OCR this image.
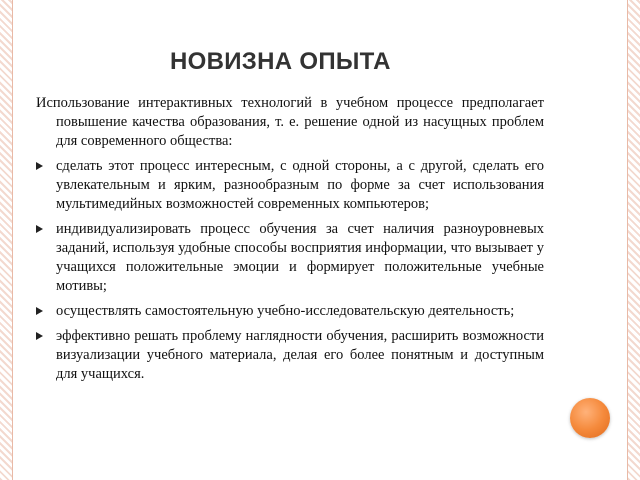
НОВИЗНА ОПЫТА

Использование интерактивных технологий в учебном процессе предполагает повышение качества образования, т. е. решение одной из насущных проблем для современного общества:

сделать этот процесс интересным, с одной стороны, а с другой, сделать его увлекательным и ярким, разнообразным по форме за счет использования мультимедийных возможностей современных компьютеров;
индивидуализировать процесс обучения за счет наличия разноуровневых заданий, используя удобные способы восприятия информации, что вызывает у учащихся положительные эмоции и формирует положительные учебные мотивы;
осуществлять самостоятельную учебно-исследовательскую деятельность;
эффективно решать проблему наглядности обучения, расширить возможности визуализации учебного материала, делая его более понятным и доступным для учащихся.
